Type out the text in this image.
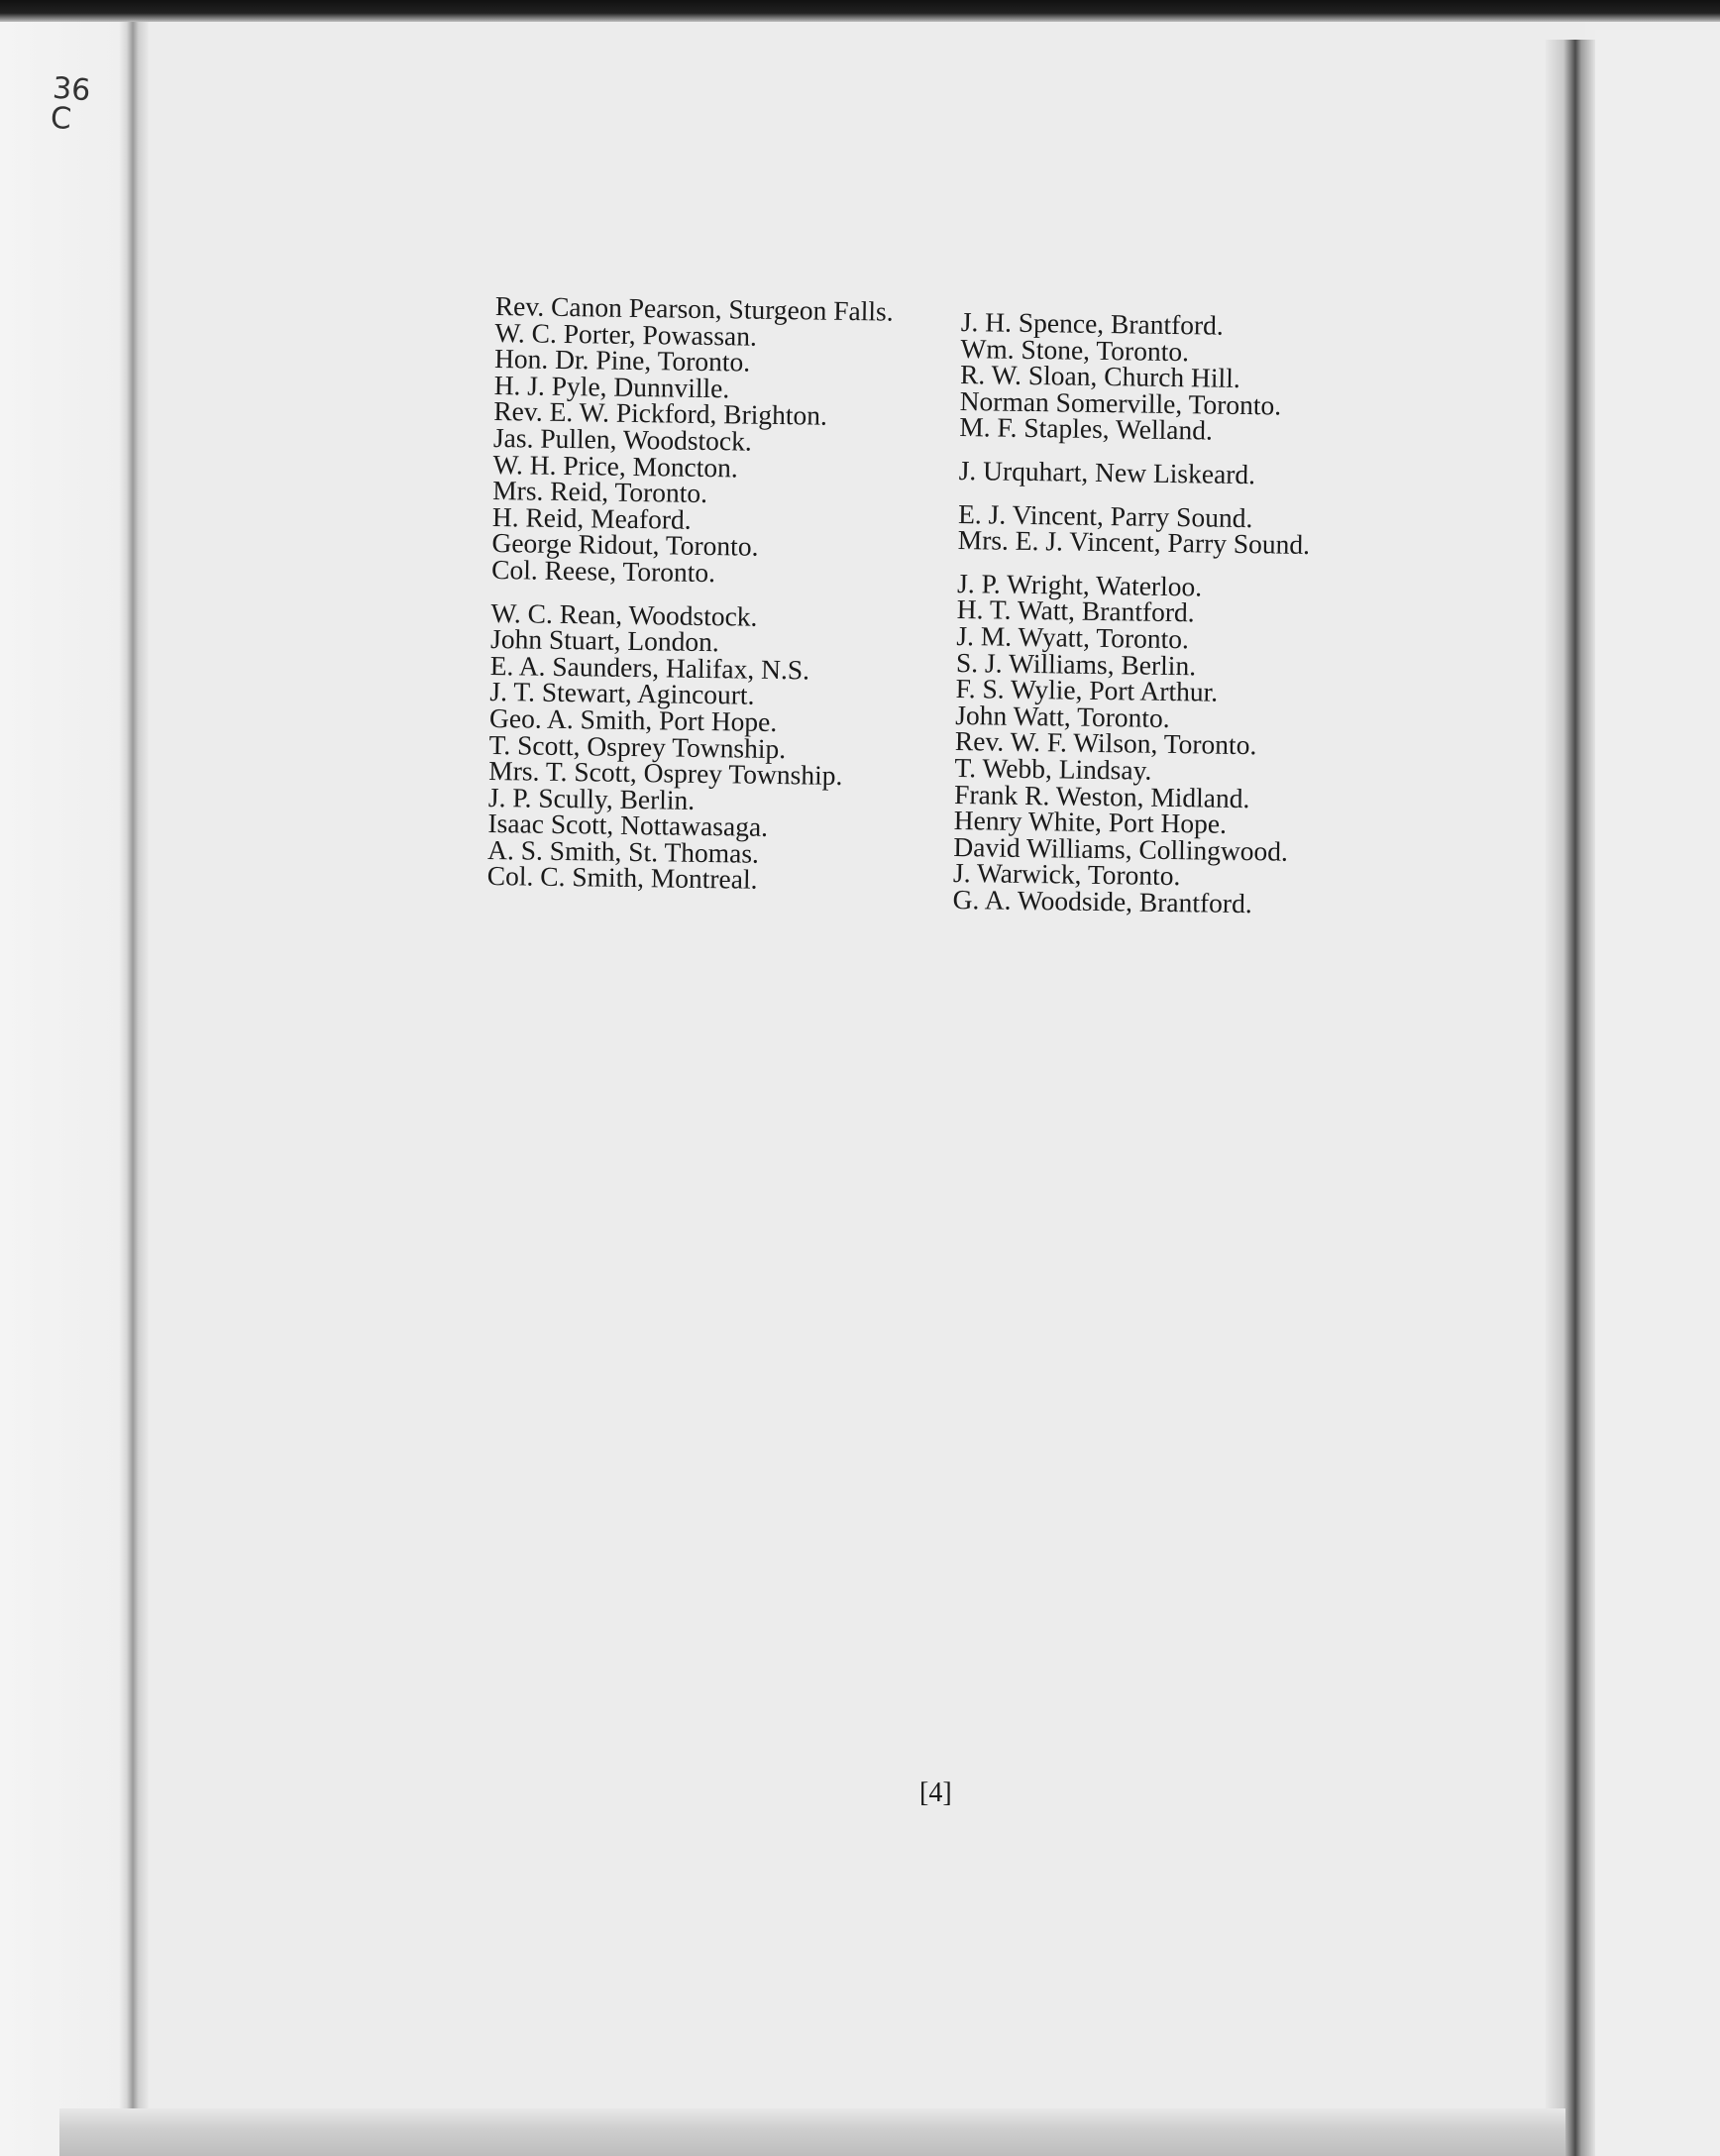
36
C
Rev. Canon Pearson, Sturgeon Falls.
W. C. Porter, Powassan.
Hon. Dr. Pine, Toronto.
H. J. Pyle, Dunnville.
Rev. E. W. Pickford, Brighton.
Jas. Pullen, Woodstock.
W. H. Price, Moncton.
Mrs. Reid, Toronto.
H. Reid, Meaford.
George Ridout, Toronto.
Col. Reese, Toronto.
W. C. Rean, Woodstock.
John Stuart, London.
E. A. Saunders, Halifax, N.S.
J. T. Stewart, Agincourt.
Geo. A. Smith, Port Hope.
T. Scott, Osprey Township.
Mrs. T. Scott, Osprey Township.
J. P. Scully, Berlin.
Isaac Scott, Nottawasaga.
A. S. Smith, St. Thomas.
Col. C. Smith, Montreal.
J. H. Spence, Brantford.
Wm. Stone, Toronto.
R. W. Sloan, Church Hill.
Norman Somerville, Toronto.
M. F. Staples, Welland.
J. Urquhart, New Liskeard.
E. J. Vincent, Parry Sound.
Mrs. E. J. Vincent, Parry Sound.
J. P. Wright, Waterloo.
H. T. Watt, Brantford.
J. M. Wyatt, Toronto.
S. J. Williams, Berlin.
F. S. Wylie, Port Arthur.
John Watt, Toronto.
Rev. W. F. Wilson, Toronto.
T. Webb, Lindsay.
Frank R. Weston, Midland.
Henry White, Port Hope.
David Williams, Collingwood.
J. Warwick, Toronto.
G. A. Woodside, Brantford.
[4]
